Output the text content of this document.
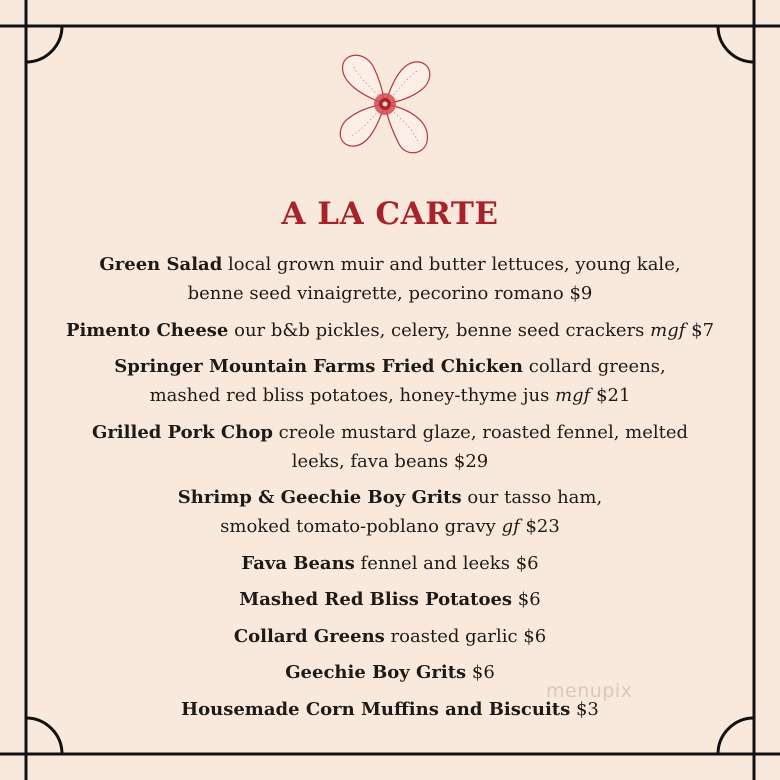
A LA CARTE
Green Salad local grown muir and butter lettuces, young kale,
benne seed vinaigrette, pecorino romano $9
Pimento Cheese our b&b pickles, celery, benne seed crackers mgf $7
Springer Mountain Farms Fried Chicken collard greens,
mashed red bliss potatoes, honey-thyme jus mgf $21
Grilled Pork Chop creole mustard glaze, roasted fennel, melted
leeks, fava beans $29
Shrimp & Geechie Boy Grits our tasso ham,
smoked tomato-poblano gravy gf $23
Fava Beans fennel and leeks $6
Mashed Red Bliss Potatoes $6
Collard Greens roasted garlic $6
Geechie Boy Grits $6
Housemade Corn Muffins and Biscuits $3
menupix
